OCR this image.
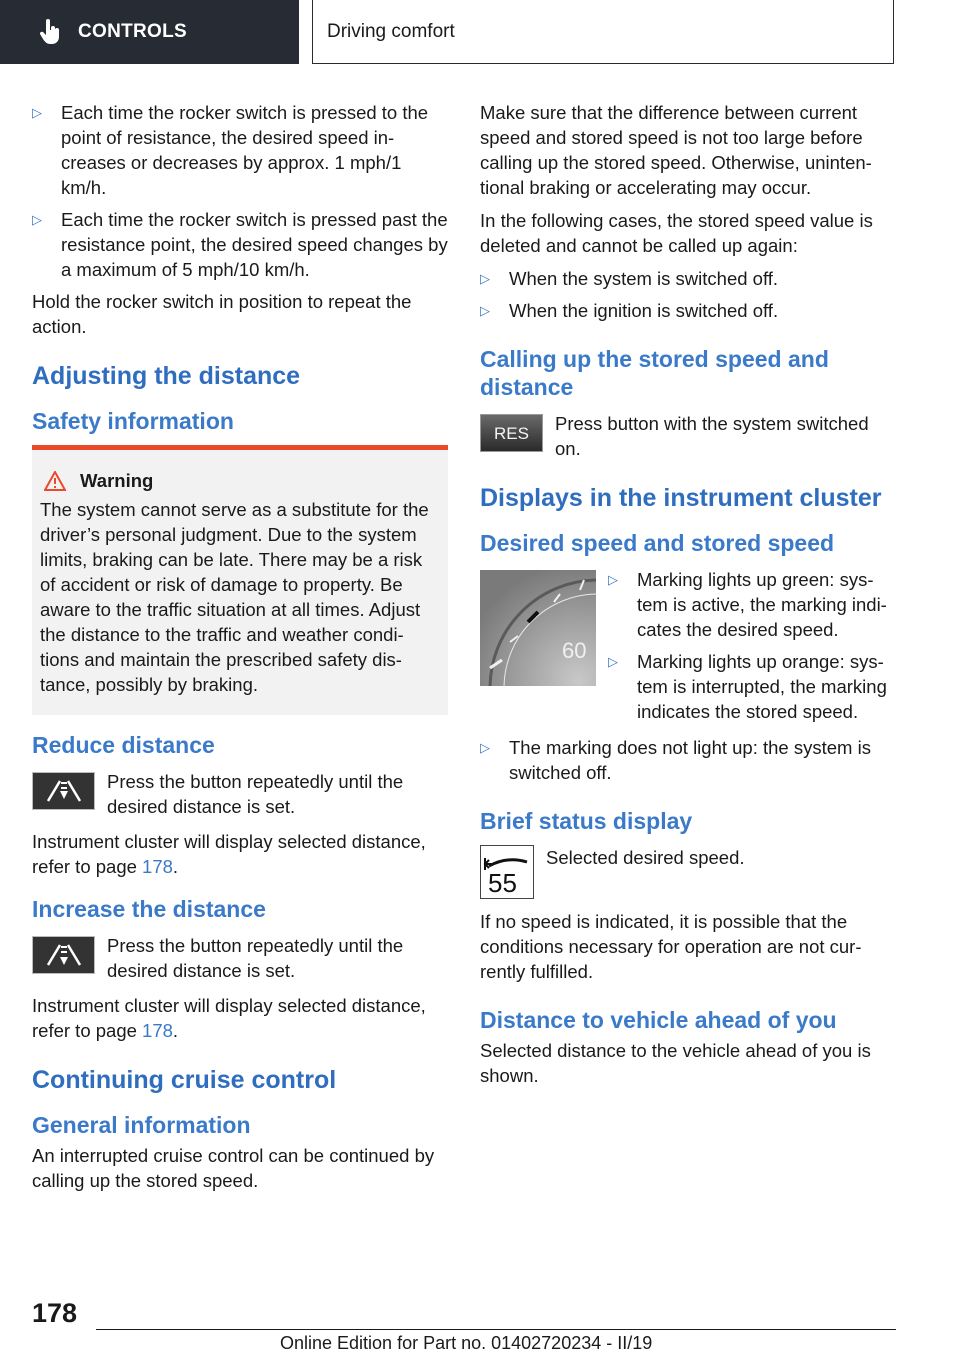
CONTROLS	Driving comfort
▷ Each time the rocker switch is pressed to the point of resistance, the desired speed in-creases or decreases by approx. 1 mph/1 km/h.
▷ Each time the rocker switch is pressed past the resistance point, the desired speed changes by a maximum of 5 mph/10 km/h.

Hold the rocker switch in position to repeat the action.

Adjusting the distance
Safety information
Warning
The system cannot serve as a substitute for the driver’s personal judgment. Due to the system limits, braking can be late. There may be a risk of accident or risk of damage to property. Be aware to the traffic situation at all times. Adjust the distance to the traffic and weather condi-tions and maintain the prescribed safety dis-tance, possibly by braking.
Reduce distance
Press the button repeatedly until the desired distance is set.

Instrument cluster will display selected distance, refer to page 178.

Increase the distance
Press the button repeatedly until the desired distance is set.

Instrument cluster will display selected distance, refer to page 178.

Continuing cruise control
General information

An interrupted cruise control can be continued by calling up the stored speed.

Make sure that the difference between current speed and stored speed is not too large before calling up the stored speed. Otherwise, uninten-tional braking or accelerating may occur.

In the following cases, the stored speed value is deleted and cannot be called up again:

▷ When the system is switched off.
▷ When the ignition is switched off.
Calling up the stored speed and distance
RES	Press button with the system switched on.
Displays in the instrument cluster
Desired speed and stored speed
60
▷ Marking lights up green: sys-tem is active, the marking indi-cates the desired speed.
▷ Marking lights up orange: sys-tem is interrupted, the marking indicates the stored speed.
▷ The marking does not light up: the system is switched off.
Brief status display
55
Selected desired speed.

If no speed is indicated, it is possible that the conditions necessary for operation are not cur-rently fulfilled.

Distance to vehicle ahead of you

Selected distance to the vehicle ahead of you is shown.

178
Online Edition for Part no. 01402720234 - II/19
